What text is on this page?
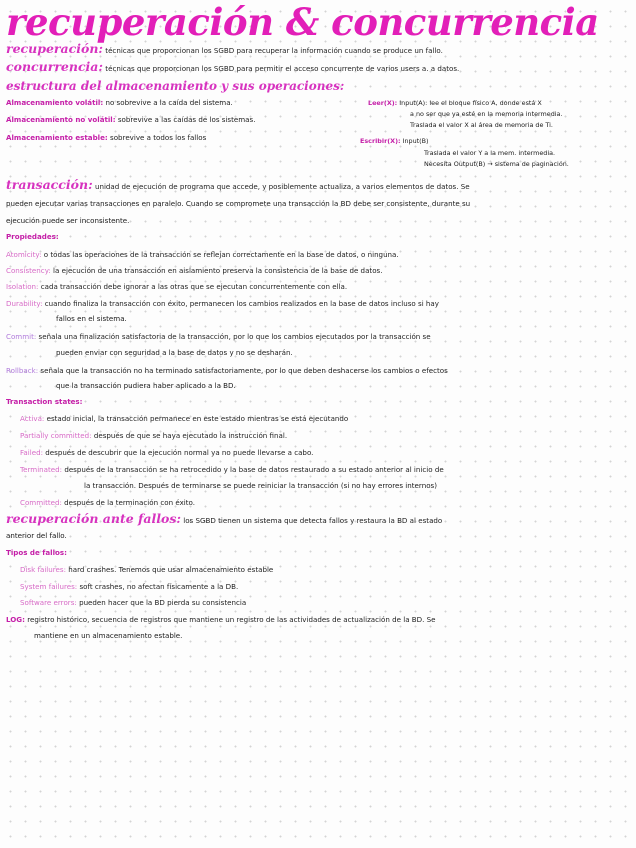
recuperación & concurrencia
recuperación: técnicas que proporcionan los SGBD para recuperar la información cuando se produce un fallo.
concurrencia: técnicas que proporcionan los SGBD para permitir el acceso concurrente de varios users a. a datos.
estructura del almacenamiento y sus operaciones:
Almacenamiento volátil: no sobrevive a la caída del sistema.
Almacenamiento no volátil: sobrevive a las caídas de los sistemas.
Almacenamiento estable: sobrevive a todos los fallos
Leer(X): Input(A): lee el bloque físico A, donde está X
a no ser que ya esté en la memoria intermedia.
Traslada el valor X al área de memoria de Ti.
Escribir(X): Input(B)
Traslada el valor Y a la mem. intermedia.
Necesita Output(B) → sistema de paginación.
transacción: unidad de ejecución de programa que accede, y posiblemente actualiza, a varios elementos de datos. Se
pueden ejecutar varias transacciones en paralelo. Cuando se compromete una transacción la BD debe ser consistente, durante su
ejecución puede ser inconsistente.
Propiedades:
Atomicity: o todas las operaciones de la transacción se reflejan correctamente en la base de datos, o ninguna.
Consistency: la ejecución de una transacción en aislamiento preserva la consistencia de la base de datos.
Isolation: cada transacción debe ignorar a las otras que se ejecutan concurrentemente con ella.
Durability: cuando finaliza la transacción con éxito, permanecen los cambios realizados en la base de datos incluso si hay
fallos en el sistema.
Commit: señala una finalización satisfactoria de la transacción, por lo que los cambios ejecutados por la transacción se
pueden enviar con seguridad a la base de datos y no se desharán.
Rollback: señala que la transacción no ha terminado satisfactoriamente, por lo que deben deshacerse los cambios o efectos
que la transacción pudiera haber aplicado a la BD.
Transaction states:
Activa: estado inicial, la transacción permanece en este estado mientras se está ejecutando
Partially committed: después de que se haya ejecutado la instrucción final.
Failed: después de descubrir que la ejecución normal ya no puede llevarse a cabo.
Terminated: después de la transacción se ha retrocedido y la base de datos restaurado a su estado anterior al inicio de
la transacción. Después de terminarse se puede reiniciar la transacción (si no hay errores internos)
Committed: después de la terminación con éxito.
recuperación ante fallos: los SGBD tienen un sistema que detecta fallos y restaura la BD al estado
anterior del fallo.
Tipos de fallos:
Disk failures: hard crashes. Tenemos que usar almacenamiento estable
System failures: soft crashes, no afectan físicamente a la DB.
Software errors: pueden hacer que la BD pierda su consistencia
LOG: registro histórico, secuencia de registros que mantiene un registro de las actividades de actualización de la BD. Se
mantiene en un almacenamiento estable.
